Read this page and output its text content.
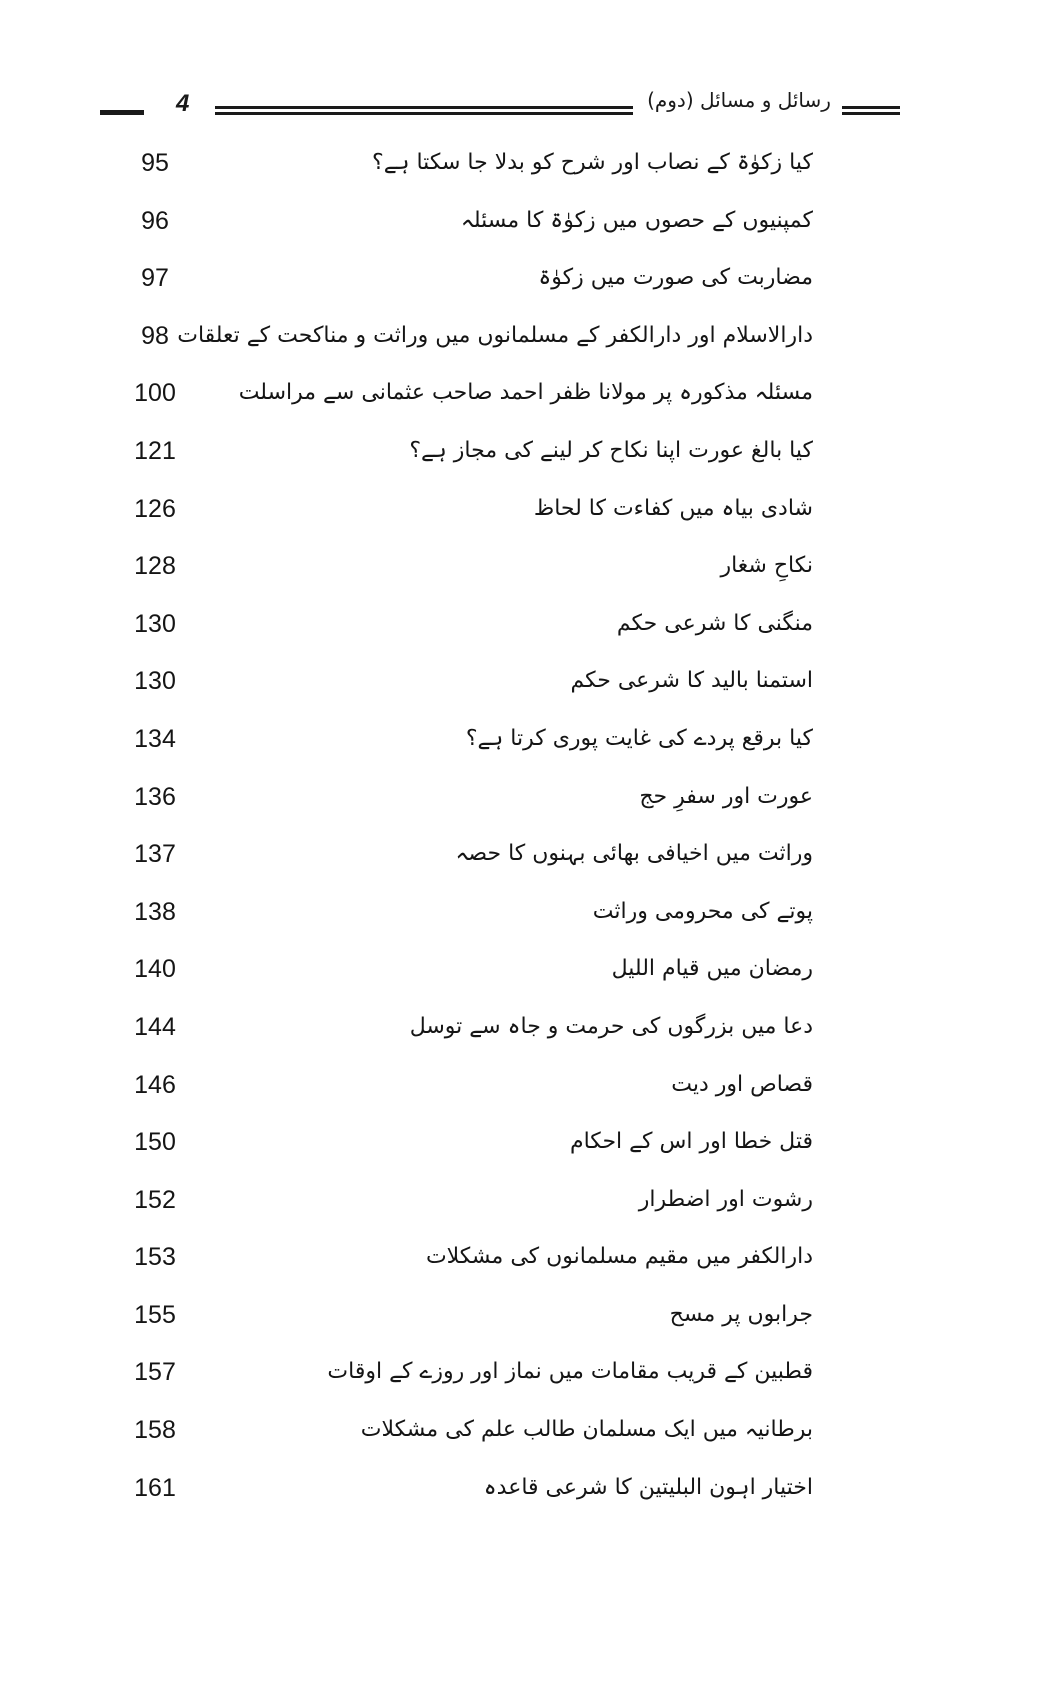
4	رسائل و مسائل (دوم)
کیا زکوٰۃ کے نصاب اور شرح کو بدلا جا سکتا ہے؟
95
کمپنیوں کے حصوں میں زکوٰۃ کا مسئلہ
96
مضاربت کی صورت میں زکوٰۃ
97
دارالاسلام اور دارالکفر کے مسلمانوں میں وراثت و مناکحت کے تعلقات
98
مسئلہ مذکورہ پر مولانا ظفر احمد صاحب عثمانی سے مراسلت
100
کیا بالغ عورت اپنا نکاح کر لینے کی مجاز ہے؟
121
شادی بیاہ میں کفاءت کا لحاظ
126
نکاحِ شغار
128
منگنی کا شرعی حکم
130
استمنا بالید کا شرعی حکم
130
کیا برقع پردے کی غایت پوری کرتا ہے؟
134
عورت اور سفرِ حج
136
وراثت میں اخیافی بھائی بہنوں کا حصہ
137
پوتے کی محرومی وراثت
138
رمضان میں قیام اللیل
140
دعا میں بزرگوں کی حرمت و جاہ سے توسل
144
قصاص اور دیت
146
قتل خطا اور اس کے احکام
150
رشوت اور اضطرار
152
دارالکفر میں مقیم مسلمانوں کی مشکلات
153
جرابوں پر مسح
155
قطبین کے قریب مقامات میں نماز اور روزے کے اوقات
157
برطانیہ میں ایک مسلمان طالب علم کی مشکلات
158
اختیار اہون البلیتین کا شرعی قاعدہ
161
